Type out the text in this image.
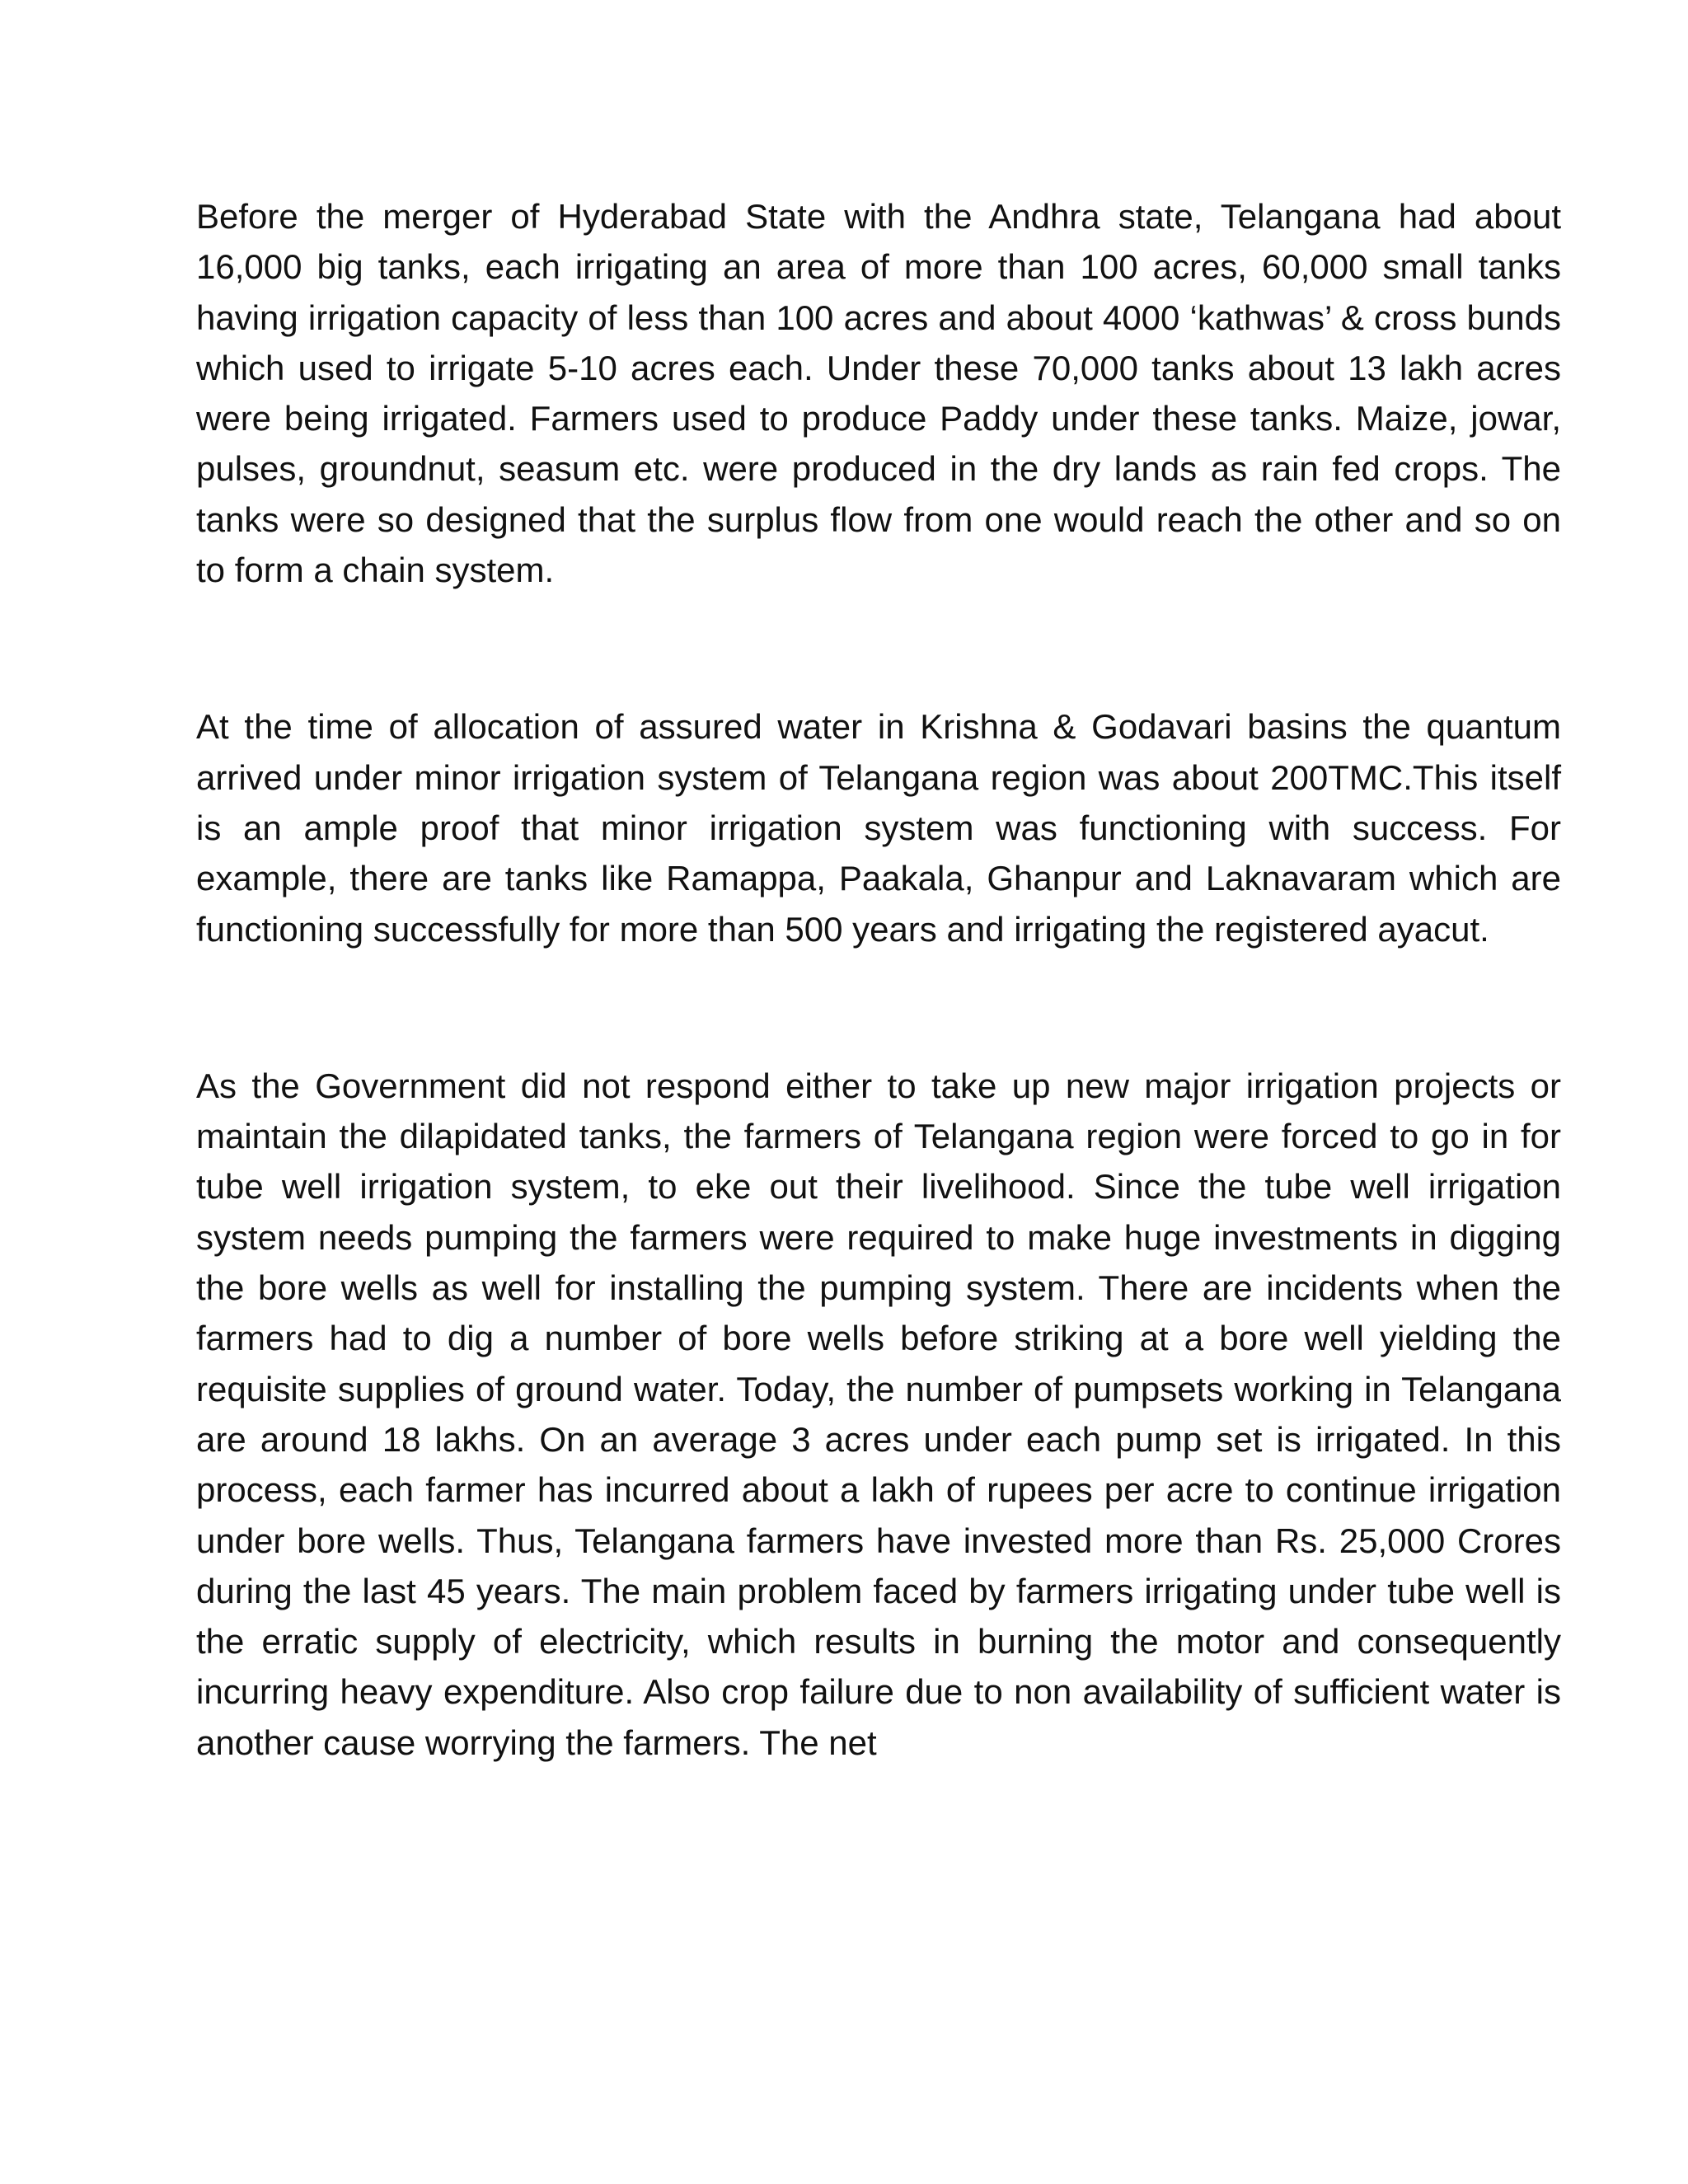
Before the merger of Hyderabad State with the Andhra state, Telangana had about 16,000 big tanks, each irrigating an area of more than 100 acres, 60,000 small tanks having irrigation capacity of less than 100 acres and about 4000 ‘kathwas’ & cross bunds which used to irrigate 5-10 acres each. Under these 70,000 tanks about 13 lakh acres were being irrigated. Farmers used to produce Paddy under these tanks. Maize, jowar, pulses, groundnut, seasum etc. were produced in the dry lands as rain fed crops. The tanks were so designed that the surplus flow from one would reach the other and so on to form a chain system.

At the time of allocation of assured water in Krishna & Godavari basins the quantum arrived under minor irrigation system of Telangana region was about 200TMC.This itself is an ample proof that minor irrigation system was functioning with success. For example, there are tanks like Ramappa, Paakala, Ghanpur and Laknavaram which are functioning successfully for more than 500 years and irrigating the registered ayacut.

As the Government did not respond either to take up new major irrigation projects or maintain the dilapidated tanks, the farmers of Telangana region were forced to go in for tube well irrigation system, to eke out their livelihood. Since the tube well irrigation system needs pumping the farmers were required to make huge investments in digging the bore wells as well for installing the pumping system. There are incidents when the farmers had to dig a number of bore wells before striking at a bore well yielding the requisite supplies of ground water. Today, the number of pumpsets working in Telangana are around 18 lakhs. On an average 3 acres under each pump set is irrigated. In this process, each farmer has incurred about a lakh of rupees per acre to continue irrigation under bore wells. Thus, Telangana farmers have invested more than Rs. 25,000 Crores during the last 45 years. The main problem faced by farmers irrigating under tube well is the erratic supply of electricity, which results in burning the motor and consequently incurring heavy expenditure. Also crop failure due to non availability of sufficient water is another cause worrying the farmers. The net
